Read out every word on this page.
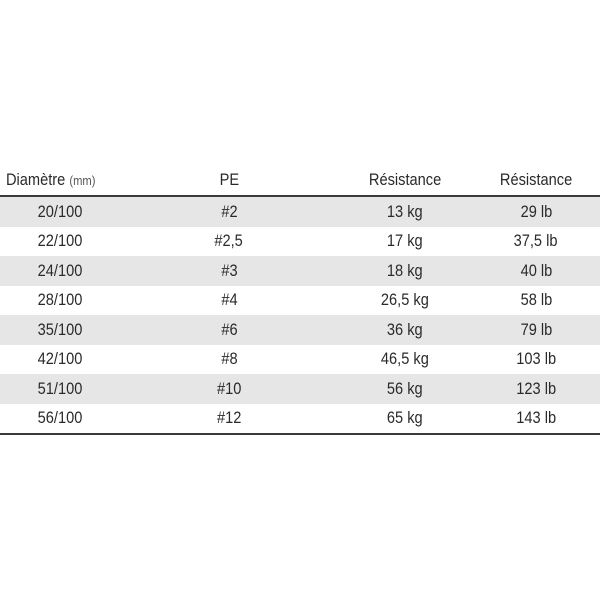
Diamètre (mm)	PE	Résistance	Résistance
20/100	#2	13 kg	29 lb
22/100	#2,5	17 kg	37,5 lb
24/100	#3	18 kg	40 lb
28/100	#4	26,5 kg	58 lb
35/100	#6	36 kg	79 lb
42/100	#8	46,5 kg	103 lb
51/100	#10	56 kg	123 lb
56/100	#12	65 kg	143 lb
